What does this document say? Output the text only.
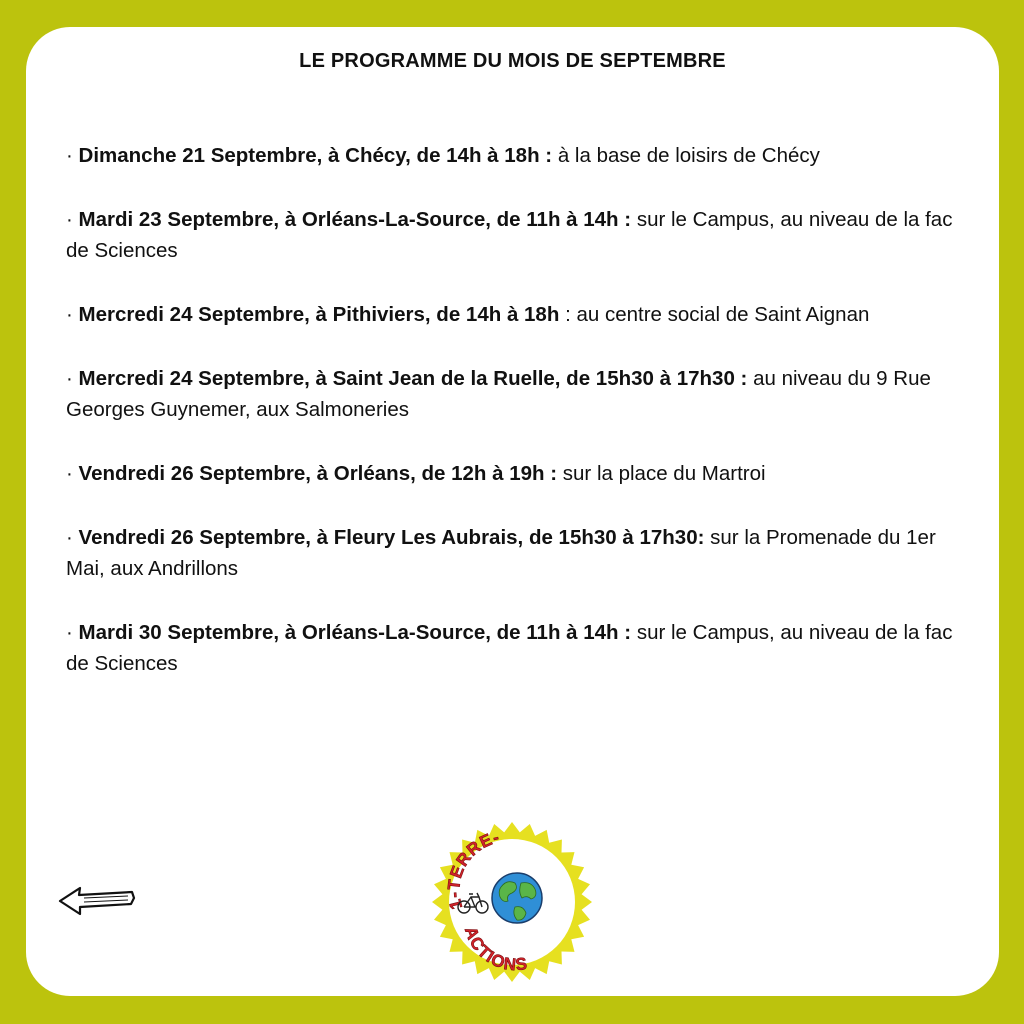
LE PROGRAMME DU MOIS DE SEPTEMBRE

· Dimanche 21 Septembre, à Chécy, de 14h à 18h : à la base de loisirs de Chécy

· Mardi 23 Septembre, à Orléans-La-Source, de 11h à 14h : sur le Campus, au niveau de la fac de Sciences

· Mercredi 24 Septembre, à Pithiviers, de 14h à 18h : au centre social de Saint Aignan

· Mercredi 24 Septembre, à Saint Jean de la Ruelle, de 15h30 à 17h30 : au niveau du 9 Rue Georges Guynemer, aux Salmoneries

· Vendredi 26 Septembre, à Orléans, de 12h à 19h : sur la place du Martroi

· Vendredi 26 Septembre, à Fleury Les Aubrais, de 15h30 à 17h30: sur la Promenade du 1er Mai, aux Andrillons

· Mardi 30 Septembre, à Orléans-La-Source, de 11h à 14h : sur le Campus, au niveau de la fac de Sciences

1-TERRE-
ACTIONS
